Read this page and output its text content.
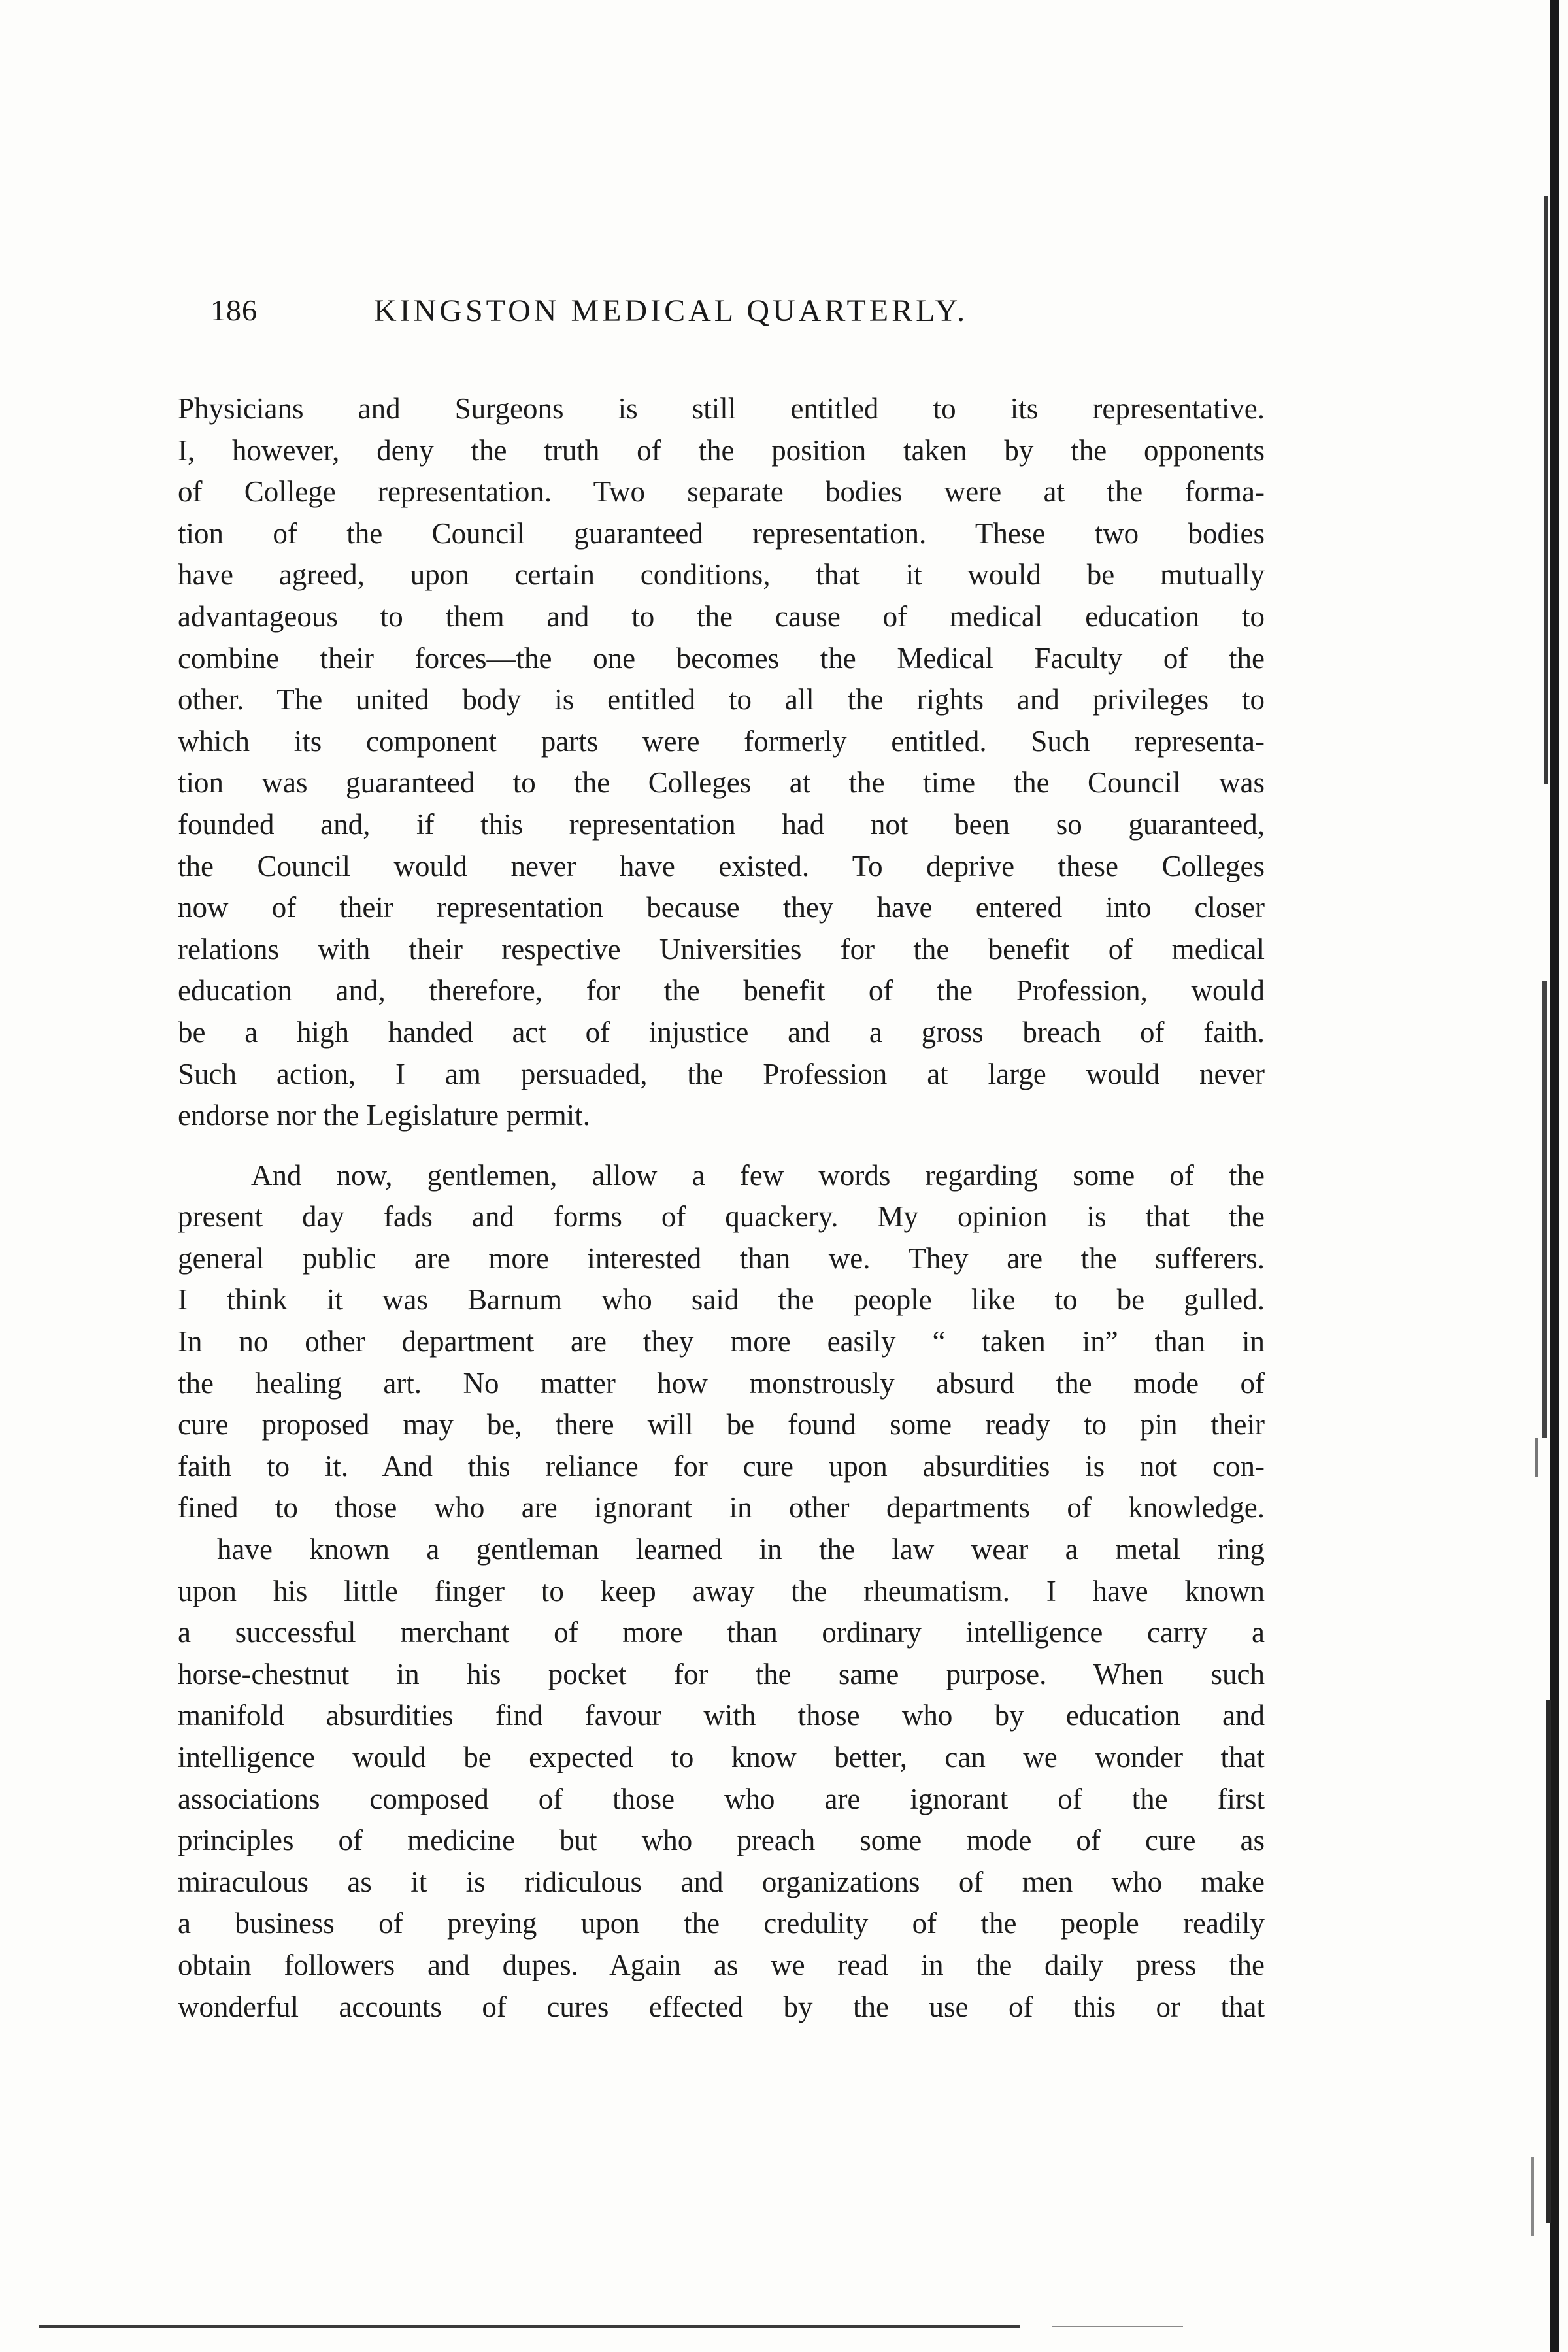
186	KINGSTON MEDICAL QUARTERLY.
Physicians and Surgeons is still entitled to its representative.
I, however, deny the truth of the position taken by the opponents
of College representation. Two separate bodies were at the forma-
tion of the Council guaranteed representation. These two bodies
have agreed, upon certain conditions, that it would be mutually
advantageous to them and to the cause of medical education to
combine their forces—the one becomes the Medical Faculty of the
other. The united body is entitled to all the rights and privileges to
which its component parts were formerly entitled. Such representa-
tion was guaranteed to the Colleges at the time the Council was
founded and, if this representation had not been so guaranteed,
the Council would never have existed. To deprive these Colleges
now of their representation because they have entered into closer
relations with their respective Universities for the benefit of medical
education and, therefore, for the benefit of the Profession, would
be a high handed act of injustice and a gross breach of faith.
Such action, I am persuaded, the Profession at large would never
endorse nor the Legislature permit.
And now, gentlemen, allow a few words regarding some of the
present day fads and forms of quackery. My opinion is that the
general public are more interested than we. They are the sufferers.
I think it was Barnum who said the people like to be gulled.
In no other department are they more easily “ taken in” than in
the healing art. No matter how monstrously absurd the mode of
cure proposed may be, there will be found some ready to pin their
faith to it. And this reliance for cure upon absurdities is not con-
fined to those who are ignorant in other departments of knowledge.
have known a gentleman learned in the law wear a metal ring
upon his little finger to keep away the rheumatism. I have known
a successful merchant of more than ordinary intelligence carry a
horse-chestnut in his pocket for the same purpose. When such
manifold absurdities find favour with those who by education and
intelligence would be expected to know better, can we wonder that
associations composed of those who are ignorant of the first
principles of medicine but who preach some mode of cure as
miraculous as it is ridiculous and organizations of men who make
a business of preying upon the credulity of the people readily
obtain followers and dupes. Again as we read in the daily press the
wonderful accounts of cures effected by the use of this or that
